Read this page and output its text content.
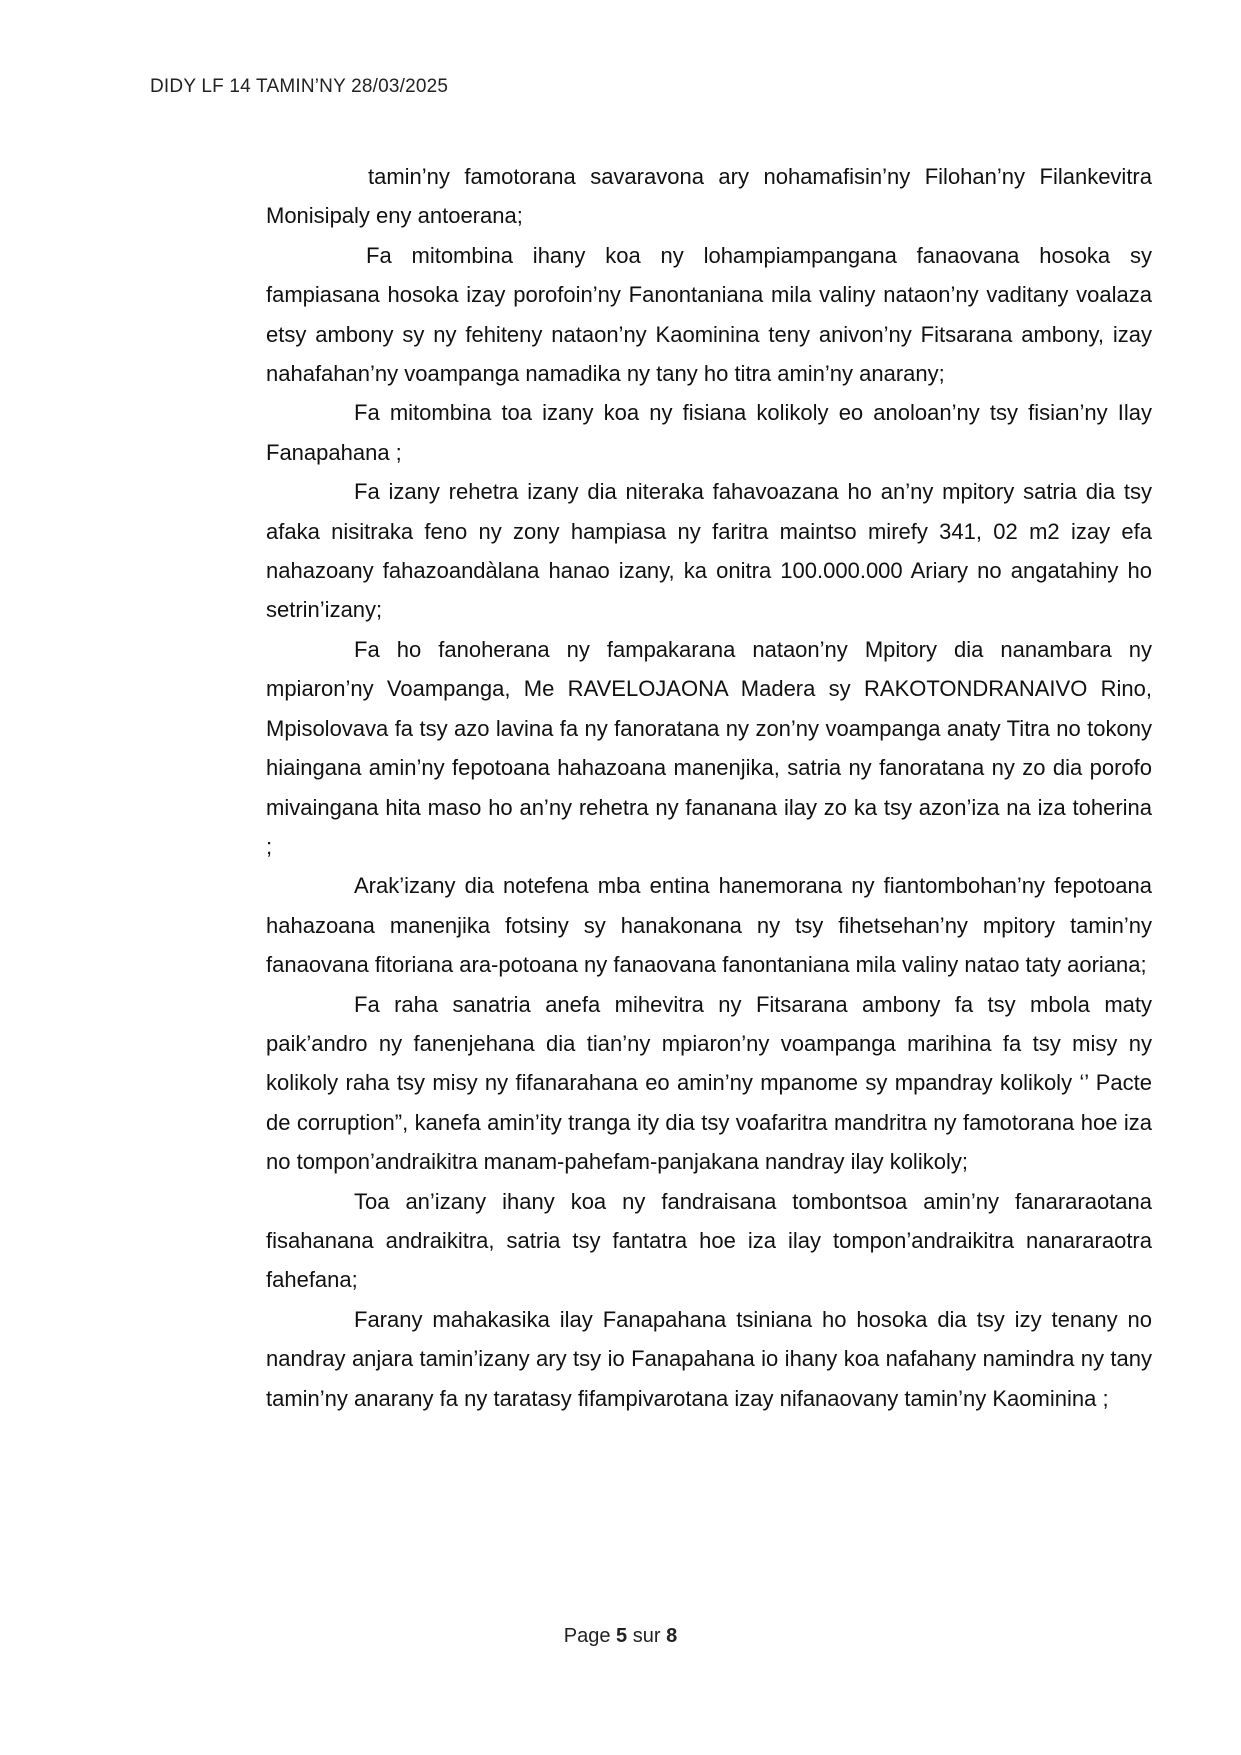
DIDY LF 14 TAMIN’NY 28/03/2025

tamin’ny famotorana savaravona ary nohamafisin’ny Filohan’ny Filankevitra Monisipaly eny antoerana;

Fa mitombina ihany koa ny lohampiampangana fanaovana hosoka sy fampiasana hosoka izay porofoin’ny Fanontaniana mila valiny nataon’ny vaditany voalaza etsy ambony sy ny fehiteny nataon’ny Kaominina teny anivon’ny Fitsarana ambony, izay nahafahan’ny voampanga namadika ny tany ho titra amin’ny anarany;

Fa mitombina toa izany koa ny fisiana kolikoly eo anoloan’ny tsy fisian’ny Ilay Fanapahana ;

Fa izany rehetra izany dia niteraka fahavoazana ho an’ny mpitory satria dia tsy afaka nisitraka feno ny zony hampiasa ny faritra maintso mirefy 341, 02 m2 izay efa nahazoany fahazoandàlana hanao izany, ka onitra 100.000.000 Ariary no angatahiny ho setrin’izany;

Fa ho fanoherana ny fampakarana nataon’ny Mpitory dia nanambara ny mpiaron’ny Voampanga, Me RAVELOJAONA Madera sy RAKOTONDRANAIVO Rino, Mpisolovava fa tsy azo lavina fa ny fanoratana ny zon’ny voampanga anaty Titra no tokony hiaingana amin’ny fepotoana hahazoana manenjika, satria ny fanoratana ny zo dia porofo mivaingana hita maso ho an’ny rehetra ny fananana ilay zo ka tsy azon’iza na iza toherina ;

Arak’izany dia notefena mba entina hanemorana ny fiantombohan’ny fepotoana hahazoana manenjika fotsiny sy hanakonana ny tsy fihetsehan’ny mpitory tamin’ny fanaovana fitoriana ara-potoana ny fanaovana fanontaniana mila valiny natao taty aoriana;

Fa raha sanatria anefa mihevitra ny Fitsarana ambony fa tsy mbola maty paik’andro ny fanenjehana dia tian’ny mpiaron’ny voampanga marihina fa tsy misy ny kolikoly raha tsy misy ny fifanarahana eo amin’ny mpanome sy mpandray kolikoly ‘’ Pacte de corruption”, kanefa amin’ity tranga ity dia tsy voafaritra mandritra ny famotorana hoe iza no tompon’andraikitra manam-pahefam-panjakana nandray ilay kolikoly;

Toa an’izany ihany koa ny fandraisana tombontsoa amin’ny fanararaotana fisahanana andraikitra, satria tsy fantatra hoe iza ilay tompon’andraikitra nanararaotra fahefana;

Farany mahakasika ilay Fanapahana tsiniana ho hosoka dia tsy izy tenany no nandray anjara tamin’izany ary tsy io Fanapahana io ihany koa nafahany namindra ny tany tamin’ny anarany fa ny taratasy fifampivarotana izay nifanaovany tamin’ny Kaominina ;

Page 5 sur 8
